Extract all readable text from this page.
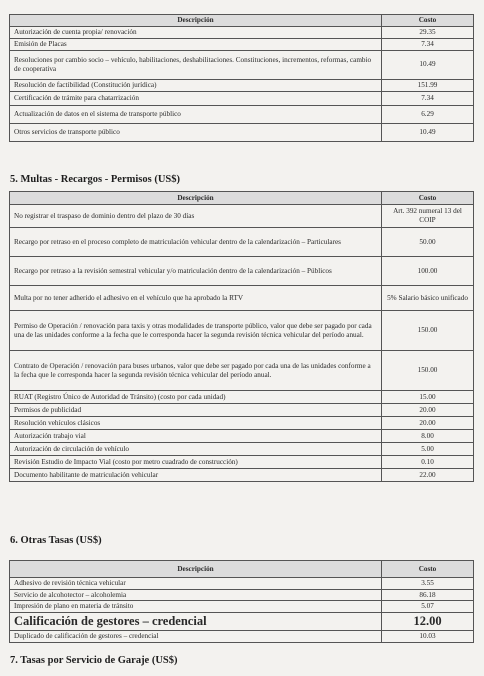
Descripción	Costo
Autorización de cuenta propia/ renovación	29.35
Emisión de Placas	7.34
Resoluciones por cambio socio – vehículo, habilitaciones, deshabilitaciones. Constituciones, incrementos, reformas, cambio de cooperativa	10.49
Resolución de factibilidad (Constitución jurídica)	151.99
Certificación de trámite para chatarrización	7.34
Actualización de datos en el sistema de transporte público	6.29
Otros servicios de transporte público	10.49
5. Multas - Recargos - Permisos (US$)
Descripción	Costo
No registrar el traspaso de dominio dentro del plazo de 30 días	Art. 392 numeral 13 del COIP
Recargo por retraso en el proceso completo de matriculación vehicular dentro de la calendarización – Particulares	50.00
Recargo por retraso a la revisión semestral vehicular y/o matriculación dentro de la calendarización – Públicos	100.00
Multa por no tener adherido el adhesivo en el vehículo que ha aprobado la RTV	5% Salario básico unificado
Permiso de Operación / renovación para taxis y otras modalidades de transporte público, valor que debe ser pagado por cada una de las unidades conforme a la fecha que le corresponda hacer la segunda revisión técnica vehicular del período anual.	150.00
Contrato de Operación / renovación para buses urbanos, valor que debe ser pagado por cada una de las unidades conforme a la fecha que le corresponda hacer la segunda revisión técnica vehicular del período anual.	150.00
RUAT (Registro Único de Autoridad de Tránsito) (costo por cada unidad)	15.00
Permisos de publicidad	20.00
Resolución vehículos clásicos	20.00
Autorización trabajo vial	8.00
Autorización de circulación de vehículo	5.00
Revisión Estudio de Impacto Vial (costo por metro cuadrado de construcción)	0.10
Documento habilitante de matriculación vehicular	22.00
6. Otras Tasas (US$)
Descripción	Costo
Adhesivo de revisión técnica vehicular	3.55
Servicio de alcohotector – alcoholemia	86.18
Impresión de plano en materia de tránsito	5.07
Calificación de gestores – credencial	12.00
Duplicado de calificación de gestores – credencial	10.03
7. Tasas por Servicio de Garaje (US$)
